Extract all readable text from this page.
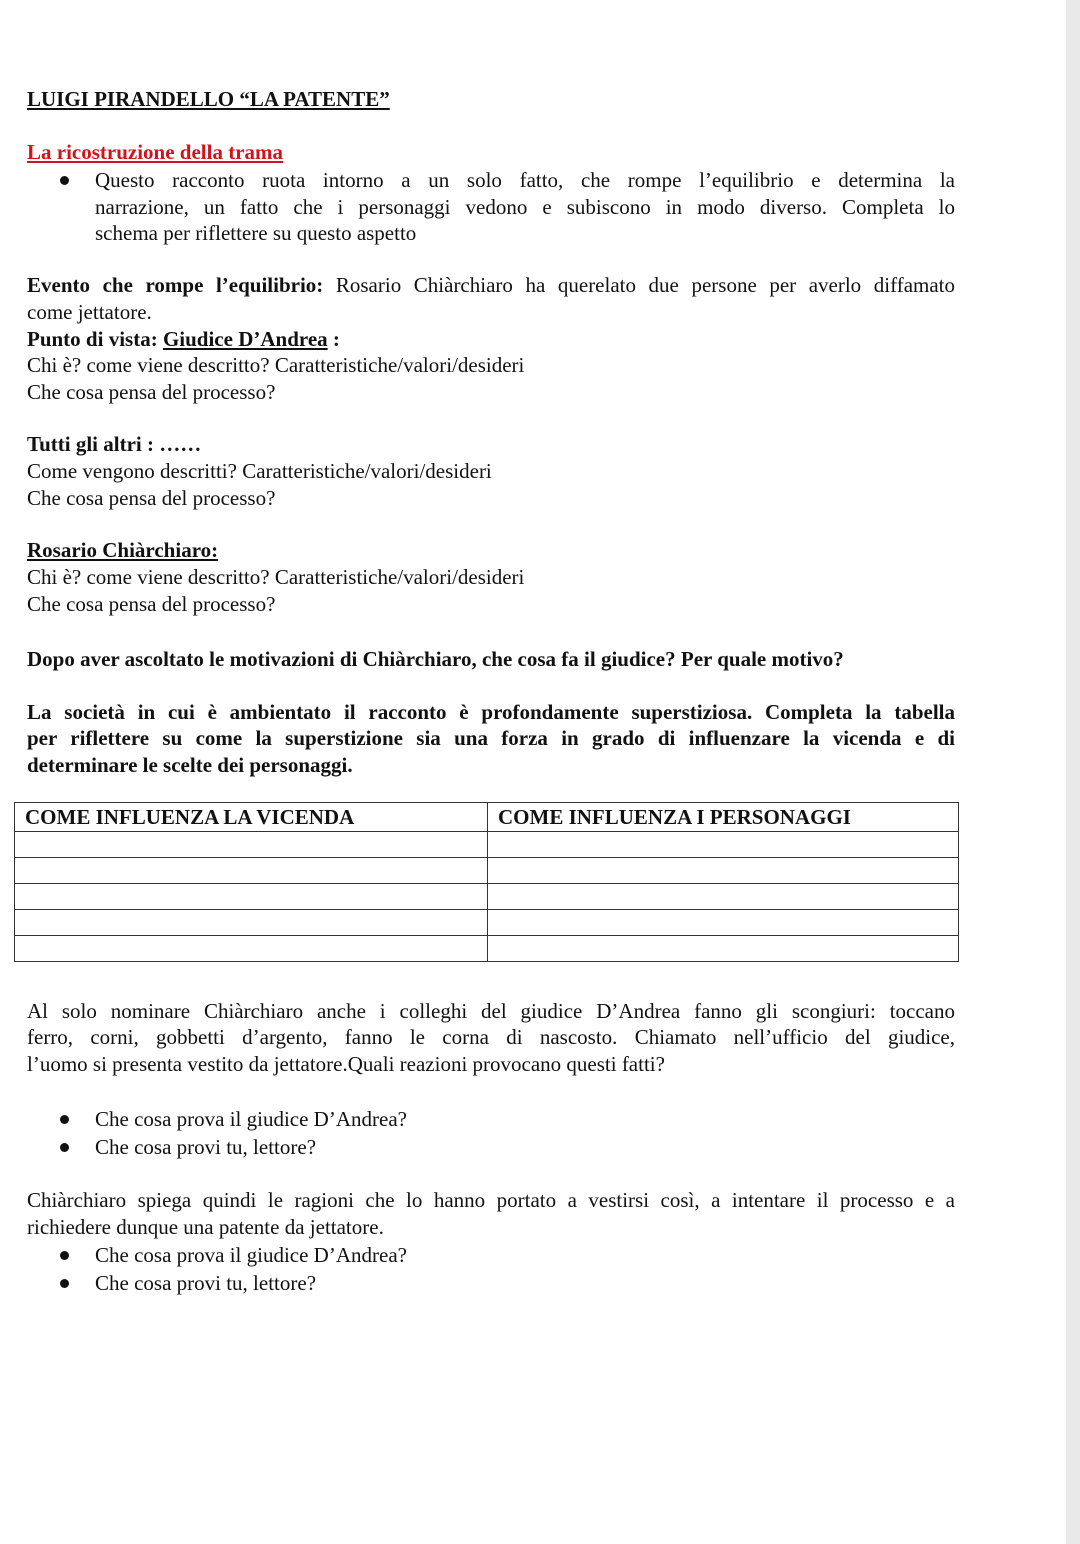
LUIGI PIRANDELLO “LA PATENTE”
La ricostruzione della trama
Questo racconto ruota intorno a un solo fatto, che rompe l’equilibrio e determina la
narrazione, un fatto che i personaggi vedono e subiscono in modo diverso. Completa lo
schema per riflettere su questo aspetto
Evento che rompe l’equilibrio: Rosario Chiàrchiaro ha querelato due persone per averlo diffamato
come jettatore.
Punto di vista: Giudice D’Andrea :
Chi è? come viene descritto? Caratteristiche/valori/desideri
Che cosa pensa del processo?
Tutti gli altri : ……
Come vengono descritti? Caratteristiche/valori/desideri
Che cosa pensa del processo?
Rosario Chiàrchiaro:
Chi è? come viene descritto? Caratteristiche/valori/desideri
Che cosa pensa del processo?
Dopo aver ascoltato le motivazioni di Chiàrchiaro, che cosa fa il giudice? Per quale motivo?
La società in cui è ambientato il racconto è profondamente superstiziosa. Completa la tabella
per riflettere su come la superstizione sia una forza in grado di influenzare la vicenda e di
determinare le scelte dei personaggi.
COME INFLUENZA LA VICENDA	COME INFLUENZA I PERSONAGGI

Al solo nominare Chiàrchiaro anche i colleghi del giudice D’Andrea fanno gli scongiuri: toccano
ferro, corni, gobbetti d’argento, fanno le corna di nascosto. Chiamato nell’ufficio del giudice,
l’uomo si presenta vestito da jettatore.Quali reazioni provocano questi fatti?
Che cosa prova il giudice D’Andrea?
Che cosa provi tu, lettore?
Chiàrchiaro spiega quindi le ragioni che lo hanno portato a vestirsi così, a intentare il processo e a
richiedere dunque una patente da jettatore.
Che cosa prova il giudice D’Andrea?
Che cosa provi tu, lettore?
